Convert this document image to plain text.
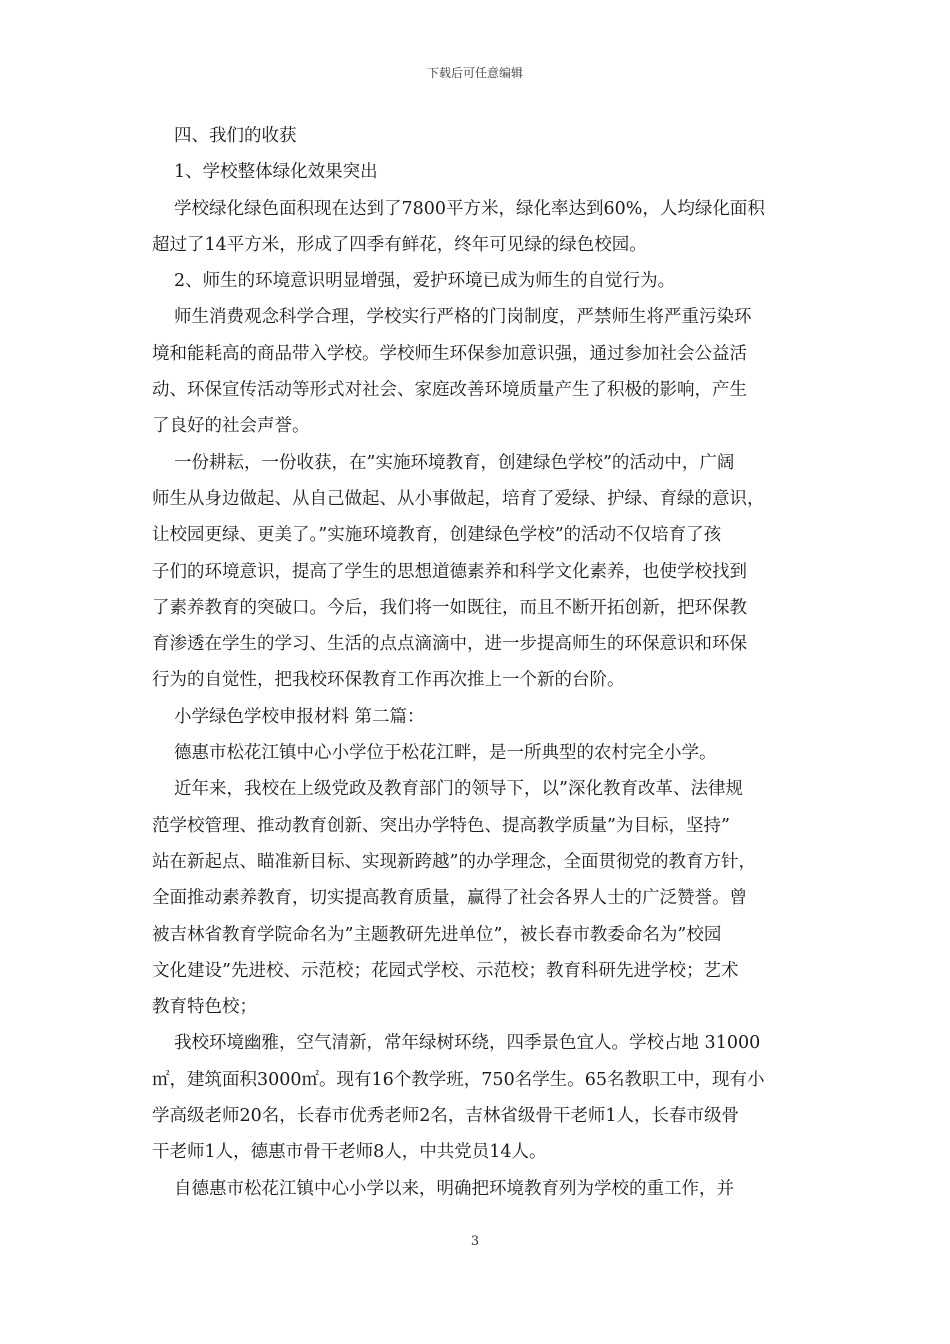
下载后可任意编辑
四、我们的收获
1、学校整体绿化效果突出
学校绿化绿色面积现在达到了7800平方米，绿化率达到60%，人均绿化面积
超过了14平方米，形成了四季有鲜花，终年可见绿的绿色校园。
2、师生的环境意识明显增强，爱护环境已成为师生的自觉行为。
师生消费观念科学合理，学校实行严格的门岗制度，严禁师生将严重污染环
境和能耗高的商品带入学校。学校师生环保参加意识强，通过参加社会公益活
动、环保宣传活动等形式对社会、家庭改善环境质量产生了积极的影响，产生
了良好的社会声誉。
一份耕耘，一份收获，在”实施环境教育，创建绿色学校”的活动中，广阔
师生从身边做起、从自己做起、从小事做起，培育了爱绿、护绿、育绿的意识，
让校园更绿、更美了。”实施环境教育，创建绿色学校”的活动不仅培育了孩
子们的环境意识，提高了学生的思想道德素养和科学文化素养，也使学校找到
了素养教育的突破口。今后，我们将一如既往，而且不断开拓创新，把环保教
育渗透在学生的学习、生活的点点滴滴中，进一步提高师生的环保意识和环保
行为的自觉性，把我校环保教育工作再次推上一个新的台阶。
小学绿色学校申报材料 第二篇：
德惠市松花江镇中心小学位于松花江畔，是一所典型的农村完全小学。
近年来，我校在上级党政及教育部门的领导下，以”深化教育改革、法律规
范学校管理、推动教育创新、突出办学特色、提高教学质量”为目标，坚持”
站在新起点、瞄准新目标、实现新跨越”的办学理念，全面贯彻党的教育方针，
全面推动素养教育，切实提高教育质量，赢得了社会各界人士的广泛赞誉。曾
被吉林省教育学院命名为”主题教研先进单位”，被长春市教委命名为”校园
文化建设”先进校、示范校；花园式学校、示范校；教育科研先进学校；艺术
教育特色校；
我校环境幽雅，空气清新，常年绿树环绕，四季景色宜人。学校占地 31000
㎡，建筑面积3000㎡。现有16个教学班，750名学生。65名教职工中，现有小
学高级老师20名，长春市优秀老师2名，吉林省级骨干老师1人，长春市级骨
干老师1人，德惠市骨干老师8人，中共党员14人。
自德惠市松花江镇中心小学以来，明确把环境教育列为学校的重工作，并
3
